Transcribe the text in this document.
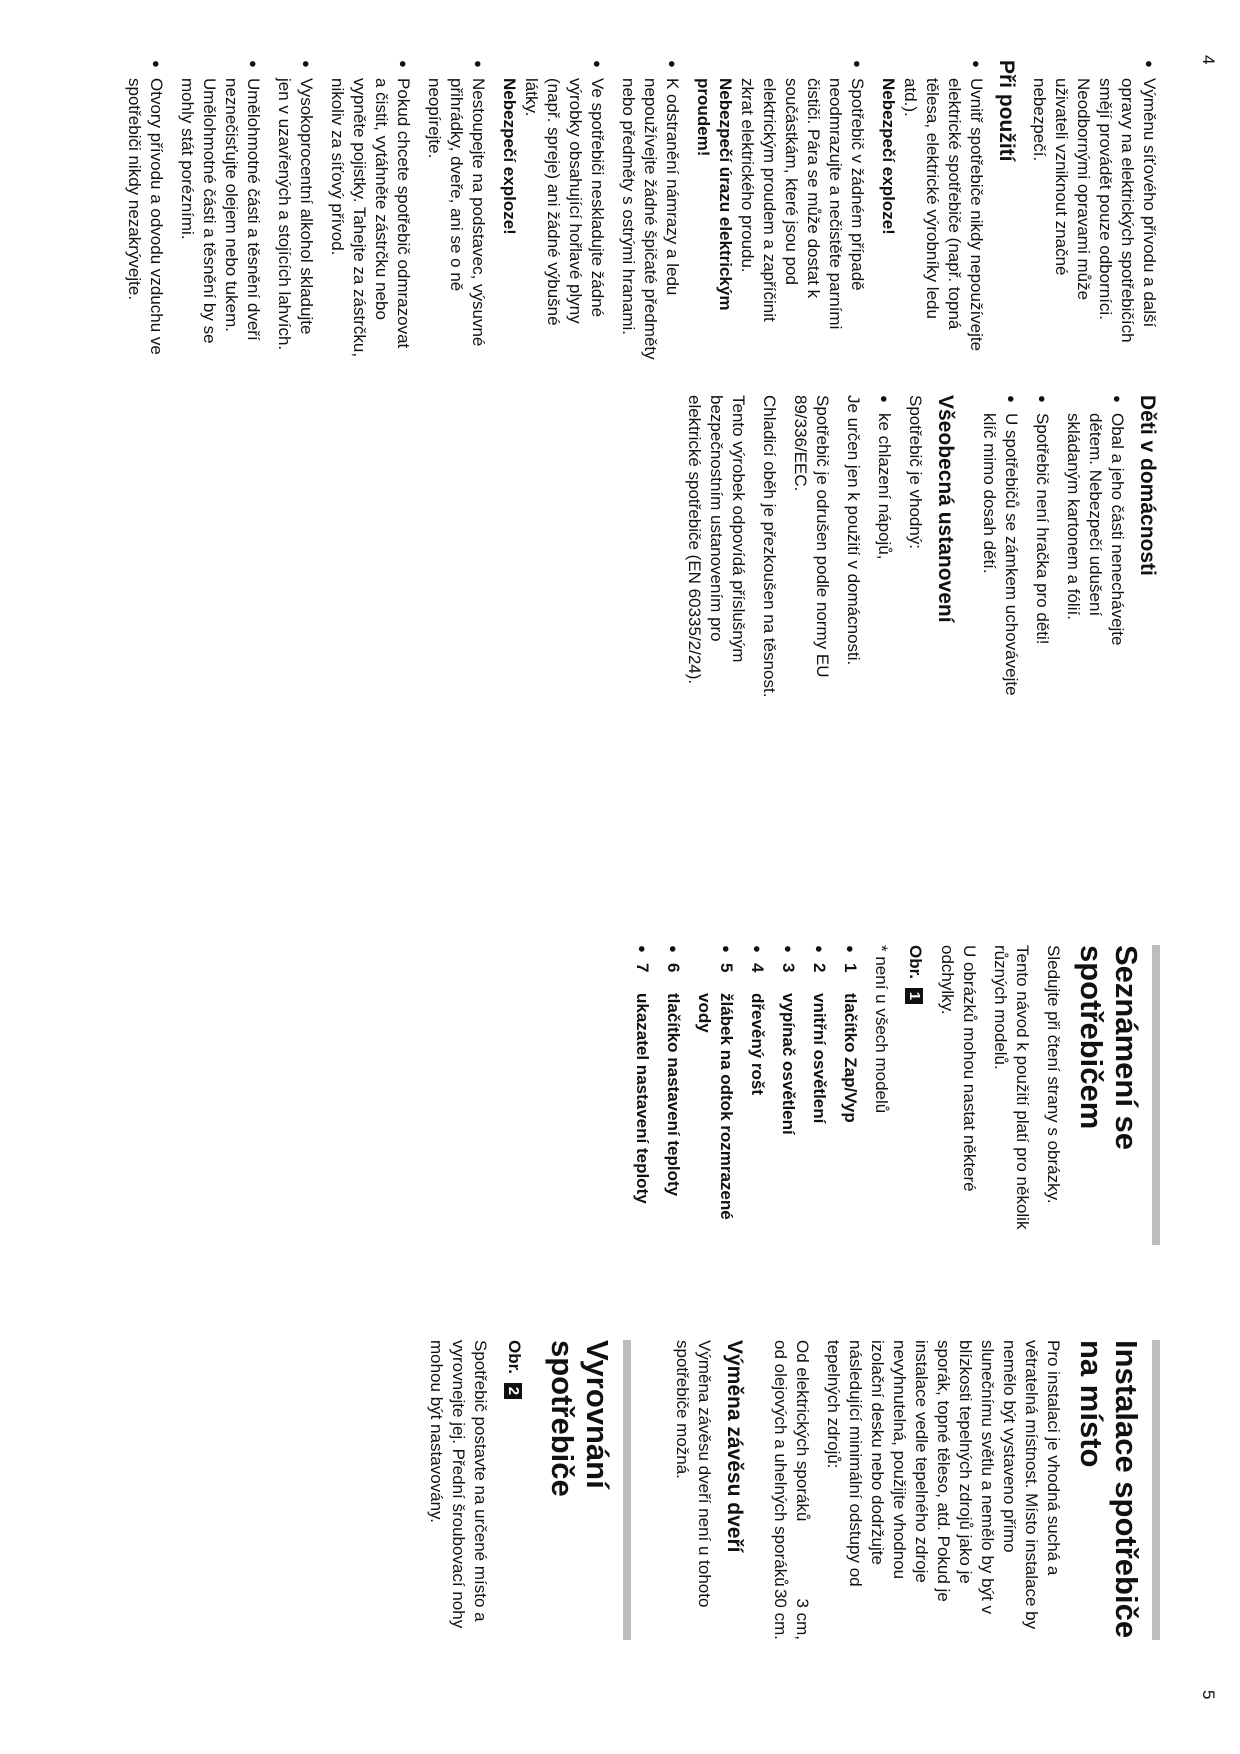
● Výměnu síťového přívodu a další opravy na elektrických spotřebičích smějí provádět pouze odborníci. Neodbornými opravami může uživateli vzniknout značné nebezpečí.
Při použití
● Uvnitř spotřebiče nikdy nepoužívejte elektrické spotřebiče (např. topná tělesa, elektrické výrobníky ledu atd.).
Nebezpečí exploze!
● Spotřebič v žádném případě neodmrazujte a nečistěte parními čističi. Pára se může dostat k součástkám, které jsou pod elektrickým proudem a zapříčinit zkrat elektrického proudu.
Nebezpečí úrazu elektrickým proudem!
● K odstranění námrazy a ledu nepoužívejte žádné špičaté předměty nebo předměty s ostrými hranami.
● Ve spotřebiči neskladujte žádné výrobky obsahující hořlavé plyny (např. spreje) ani žádné výbušné látky.
Nebezpečí exploze!
● Nestoupejte na podstavec, výsuvné přihrádky, dveře, ani se o ně neopírejte.
● Pokud chcete spotřebič odmrazovat a čistit, vytáhněte zástrčku nebo vypněte pojistky. Tahejte za zástrčku, nikoliv za síťový přívod.
● Vysokoprocentní alkohol skladujte jen v uzavřených a stojících lahvích.
● Umělohmotné části a těsnění dveří neznečisťujte olejem nebo tukem. Umělohmotné části a těsnění by se mohly stát porézními.
● Otvory přívodu a odvodu vzduchu ve spotřebiči nikdy nezakrývejte.
Děti v domácnosti
● Obal a jeho části nenechávejte dětem. Nebezpečí udušení skládaným kartonem a fólií.
● Spotřebič není hračka pro děti!
● U spotřebičů se zámkem uchovávejte klíč mimo dosah dětí.
Všeobecná ustanovení

Spotřebič je vhodný:

● ke chlazení nápojů,

Je určen jen k použití v domácnosti.

Spotřebič je odrušen podle normy EU 89/336/EEC.

Chladicí oběh je přezkoušen na těsnost.

Tento výrobek odpovídá příslušným bezpečnostním ustanovením pro elektrické spotřebiče (EN 60335/2/24).

Seznámení se spotřebičem

Sledujte při čtení strany s obrázky.

Tento návod k použití platí pro několik různých modelů.

U obrázků mohou nastat některé odchylky.

Obr. 1

* není u všech modelů

● 1
tlačítko Zap/Vyp
● 2
vnitřní osvětlení
● 3
vypínač osvětlení
● 4
dřevěný rošt
● 5
žlábek na odtok rozmrazené vody
● 6
tlačítko nastavení teploty
● 7
ukazatel nastavení teploty
Instalace spotřebiče na místo

Pro instalaci je vhodná suchá a větratelná místnost. Místo instalace by nemělo být vystaveno přímo slunečnímu světlu a nemělo by být v blízkosti tepelných zdrojů jako je sporák, topné těleso, atd. Pokud je instalace vedle tepelného zdroje nevyhnutelná, použijte vhodnou izolační desku nebo dodržujte následující minimální odstupy od tepelných zdrojů:

Od elektrických sporáků
3 cm,
od olejových a uhelných sporáků
30 cm.
Výměna závěsu dveří

Výměna závěsu dveří není u tohoto spotřebiče možná.

Vyrovnání spotřebiče
Obr. 2

Spotřebič postavte na určené místo a vyrovnejte jej. Přední šroubovací nohy mohou být nastavovány.

4
5
